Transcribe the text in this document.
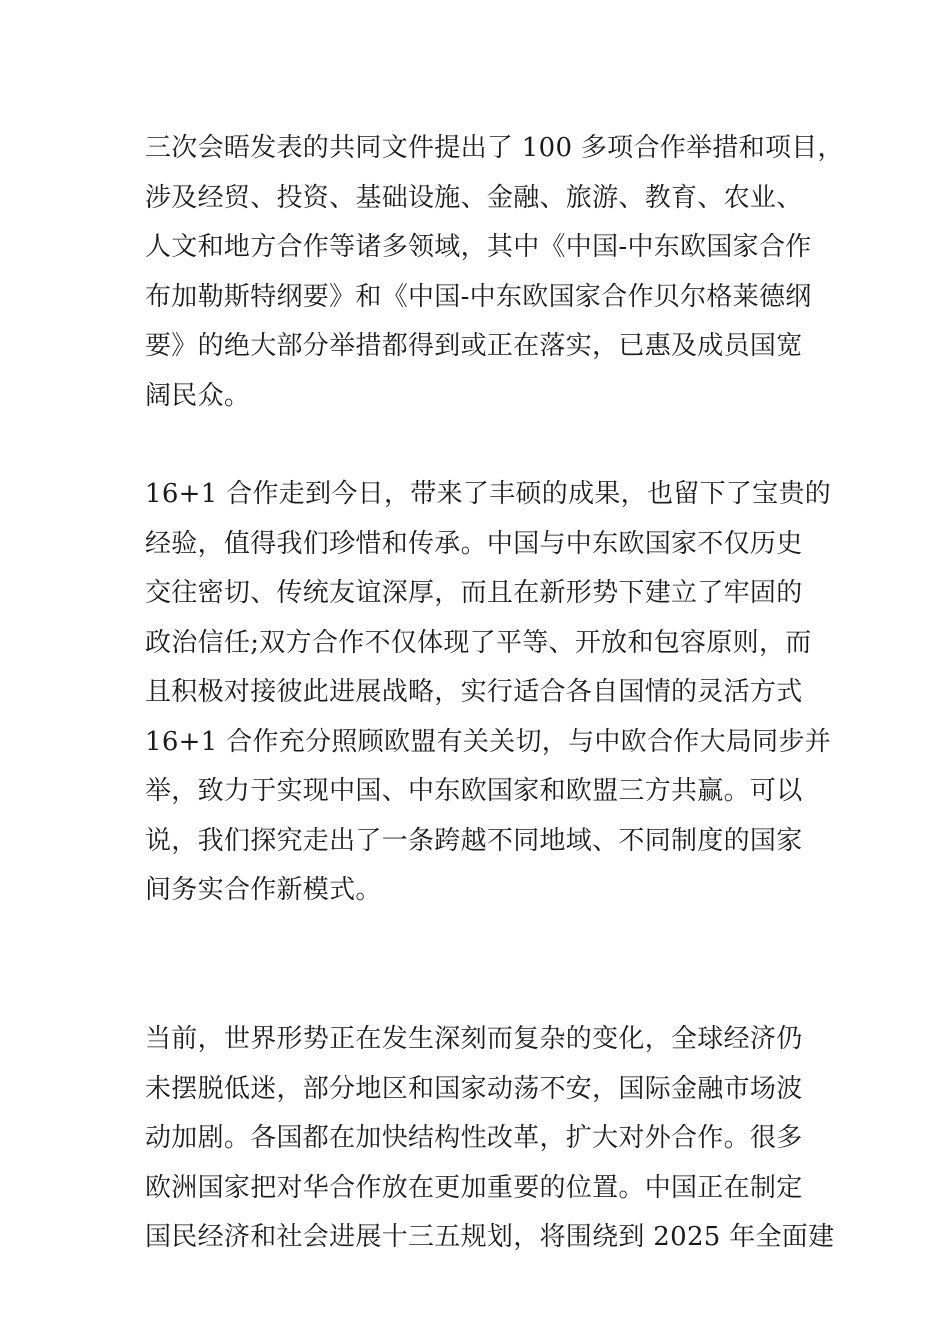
三次会晤发表的共同文件提出了 100 多项合作举措和项目，
涉及经贸、投资、基础设施、金融、旅游、教育、农业、
人文和地方合作等诸多领域，其中《中国-中东欧国家合作
布加勒斯特纲要》和《中国-中东欧国家合作贝尔格莱德纲
要》的绝大部分举措都得到或正在落实，已惠及成员国宽
阔民众。
16+1 合作走到今日，带来了丰硕的成果，也留下了宝贵的
经验，值得我们珍惜和传承。中国与中东欧国家不仅历史
交往密切、传统友谊深厚，而且在新形势下建立了牢固的
政治信任;双方合作不仅体现了平等、开放和包容原则，而
且积极对接彼此进展战略，实行适合各自国情的灵活方式
16+1 合作充分照顾欧盟有关关切，与中欧合作大局同步并
举，致力于实现中国、中东欧国家和欧盟三方共赢。可以
说，我们探究走出了一条跨越不同地域、不同制度的国家
间务实合作新模式。
当前，世界形势正在发生深刻而复杂的变化，全球经济仍
未摆脱低迷，部分地区和国家动荡不安，国际金融市场波
动加剧。各国都在加快结构性改革，扩大对外合作。很多
欧洲国家把对华合作放在更加重要的位置。中国正在制定
国民经济和社会进展十三五规划，将围绕到 2025 年全面建
